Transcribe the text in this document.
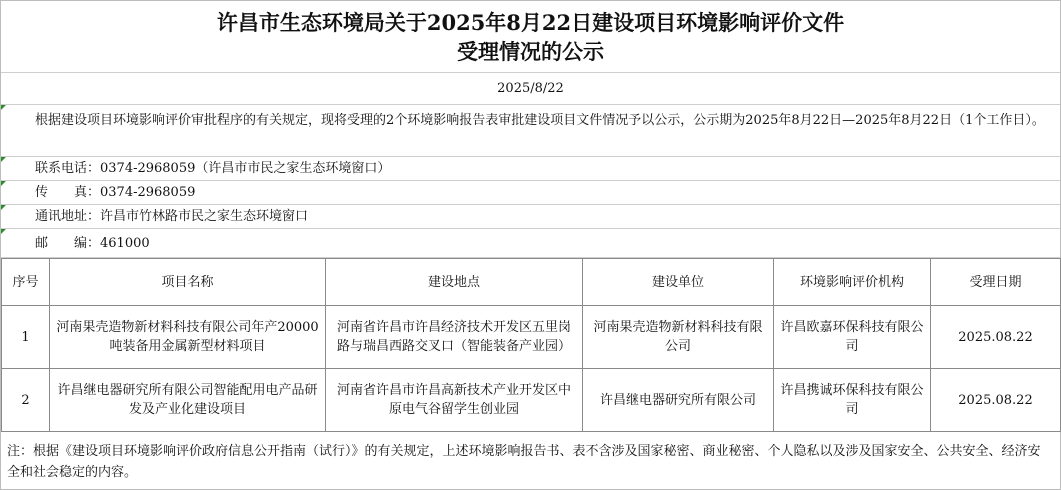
许昌市生态环境局关于2025年8月22日建设项目环境影响评价文件
受理情况的公示
2025/8/22
根据建设项目环境影响评价审批程序的有关规定，现将受理的2个环境影响报告表审批建设项目文件情况予以公示，公示期为2025年8月22日—2025年8月22日（1个工作日）。
联系电话：0374-2968059（许昌市市民之家生态环境窗口）
传　　真：0374-2968059
通讯地址：许昌市竹林路市民之家生态环境窗口
邮　　编：461000
序号	项目名称	建设地点	建设单位	环境影响评价机构	受理日期
1	河南果壳造物新材料科技有限公司年产20000吨装备用金属新型材料项目	河南省许昌市许昌经济技术开发区五里岗路与瑞昌西路交叉口（智能装备产业园）	河南果壳造物新材料科技有限公司	许昌欧嘉环保科技有限公司	2025.08.22
2	许昌继电器研究所有限公司智能配用电产品研发及产业化建设项目	河南省许昌市许昌高新技术产业开发区中原电气谷留学生创业园	许昌继电器研究所有限公司	许昌携诚环保科技有限公司	2025.08.22
注：根据《建设项目环境影响评价政府信息公开指南（试行）》的有关规定，上述环境影响报告书、表不含涉及国家秘密、商业秘密、个人隐私以及涉及国家安全、公共安全、经济安全和社会稳定的内容。
